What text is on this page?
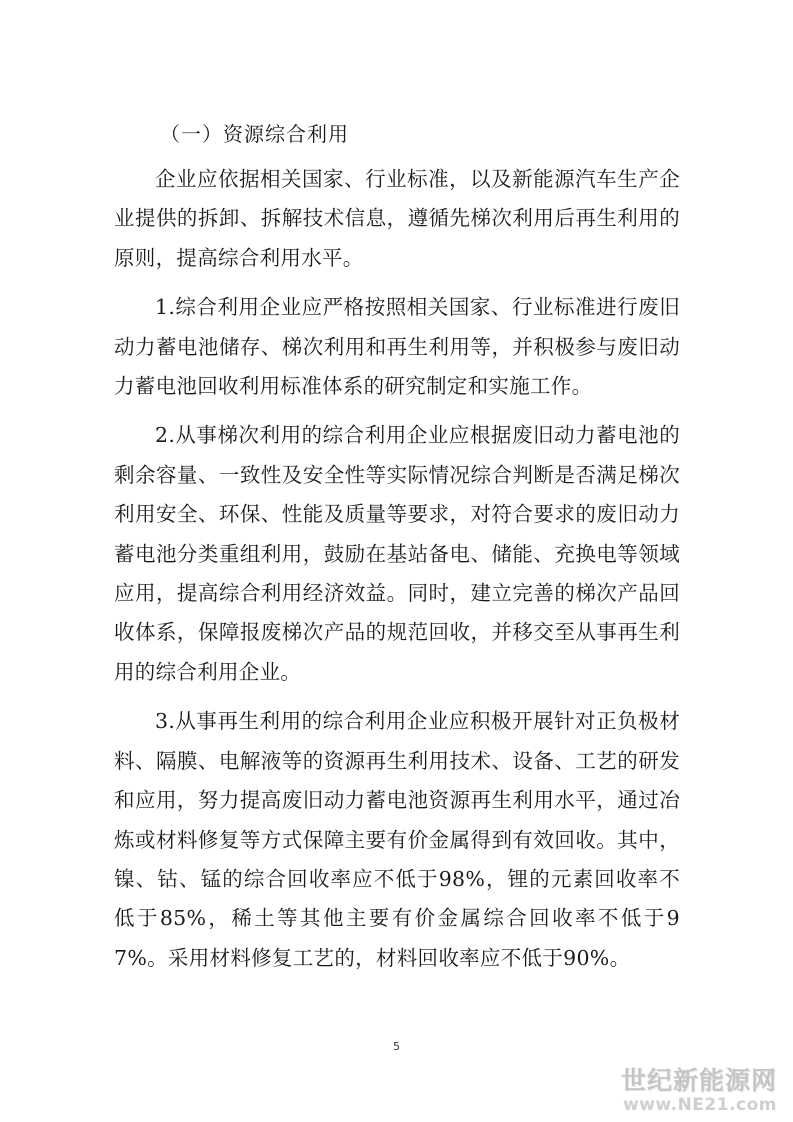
（一）资源综合利用

企业应依据相关国家、行业标准，以及新能源汽车生产企业提供的拆卸、拆解技术信息，遵循先梯次利用后再生利用的原则，提高综合利用水平。

1.综合利用企业应严格按照相关国家、行业标准进行废旧动力蓄电池储存、梯次利用和再生利用等，并积极参与废旧动力蓄电池回收利用标准体系的研究制定和实施工作。

2.从事梯次利用的综合利用企业应根据废旧动力蓄电池的剩余容量、一致性及安全性等实际情况综合判断是否满足梯次利用安全、环保、性能及质量等要求，对符合要求的废旧动力蓄电池分类重组利用，鼓励在基站备电、储能、充换电等领域应用，提高综合利用经济效益。同时，建立完善的梯次产品回收体系，保障报废梯次产品的规范回收，并移交至从事再生利用的综合利用企业。

3.从事再生利用的综合利用企业应积极开展针对正负极材料、隔膜、电解液等的资源再生利用技术、设备、工艺的研发和应用，努力提高废旧动力蓄电池资源再生利用水平，通过冶炼或材料修复等方式保障主要有价金属得到有效回收。其中，镍、钴、锰的综合回收率应不低于98%，锂的元素回收率不低于85%，稀土等其他主要有价金属综合回收率不低于97%。采用材料修复工艺的，材料回收率应不低于90%。

5
世纪新能源网
www.NE21.com
